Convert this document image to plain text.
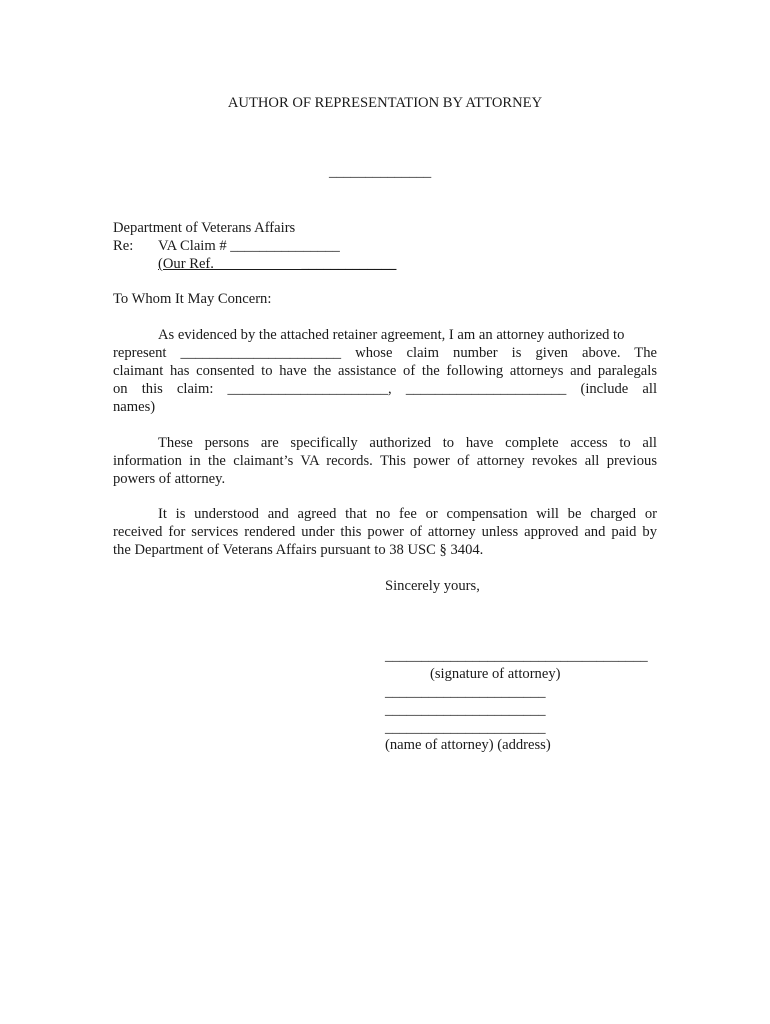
AUTHOR OF REPRESENTATION BY ATTORNEY
______________
Department of Veterans Affairs
Re: VA Claim # _______________
(Our Ref.                        _____________
To Whom It May Concern:
As evidenced by the attached retainer agreement, I am an attorney authorized to
represent ______________________ whose claim number is given above. The
claimant has consented to have the assistance of the following attorneys and paralegals
on this claim: ______________________, ______________________ (include all
names)
These persons are specifically authorized to have complete access to all
information in the claimant’s VA records. This power of attorney revokes all previous
powers of attorney.
It is understood and agreed that no fee or compensation will be charged or
received for services rendered under this power of attorney unless approved and paid by
the Department of Veterans Affairs pursuant to 38 USC § 3404.
Sincerely yours,
____________________________________
(signature of attorney)
______________________
______________________
______________________
(name of attorney) (address)
